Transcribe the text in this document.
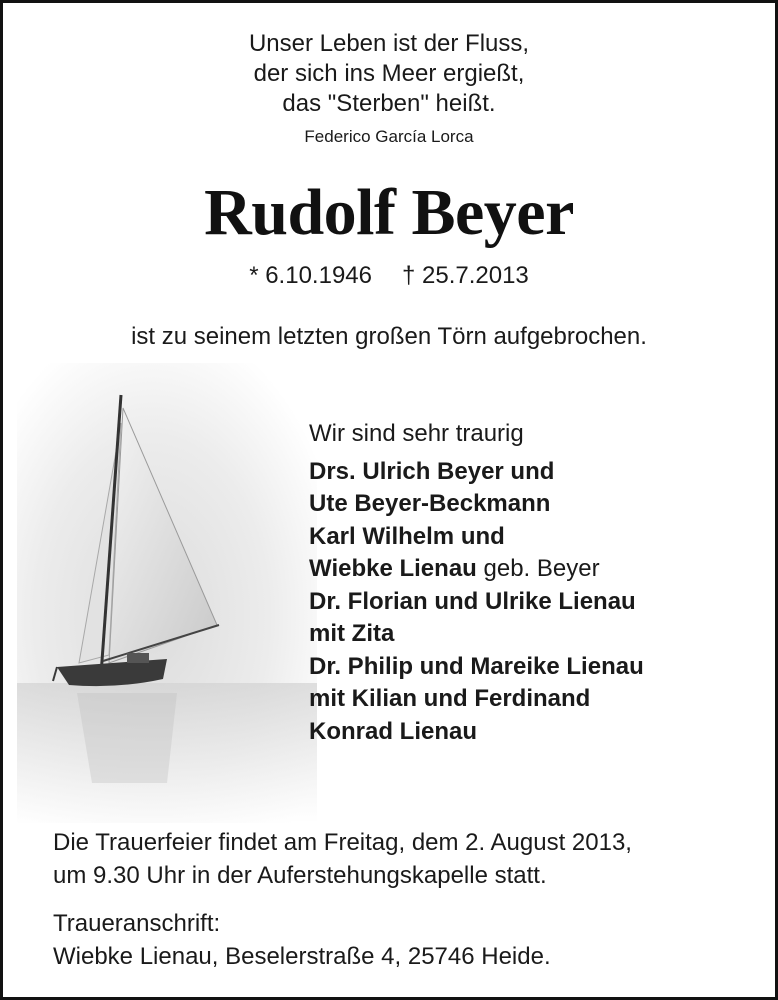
Unser Leben ist der Fluss,
der sich ins Meer ergießt,
das "Sterben" heißt.
Federico García Lorca
Rudolf Beyer
* 6.10.1946 † 25.7.2013
ist zu seinem letzten großen Törn aufgebrochen.
Wir sind sehr traurig
Drs. Ulrich Beyer und
Ute Beyer-Beckmann
Karl Wilhelm und
Wiebke Lienau geb. Beyer
Dr. Florian und Ulrike Lienau
mit Zita
Dr. Philip und Mareike Lienau
mit Kilian und Ferdinand
Konrad Lienau
Die Trauerfeier findet am Freitag, dem 2. August 2013,
um 9.30 Uhr in der Auferstehungskapelle statt.
Traueranschrift:
Wiebke Lienau, Beselerstraße 4, 25746 Heide.
